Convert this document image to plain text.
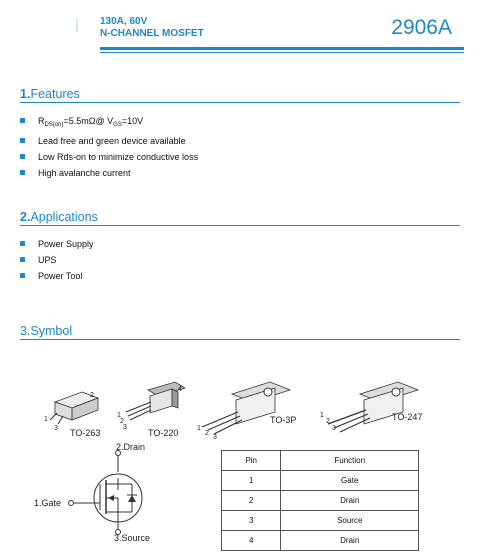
130A, 60V
N-CHANNEL MOSFET	2906A
1.Features
$R_{DS(on)}=5.5m\Omega@$ $V_{GS}=10V$
Lead free and green device available
Low Rds-on to minimize conductive loss
High avalanche current
2.Applications
Power Supply
UPS
Power Tool
3.Symbol
TO-263	TO-220
TO-3P	TO-247
1
2
3
1
2
3
4
1
2
3
1
2
3
2.Drain
1.Gate
3.Source
Pin	Function
1	Gate
2	Drain
3	Source
4	Drain
